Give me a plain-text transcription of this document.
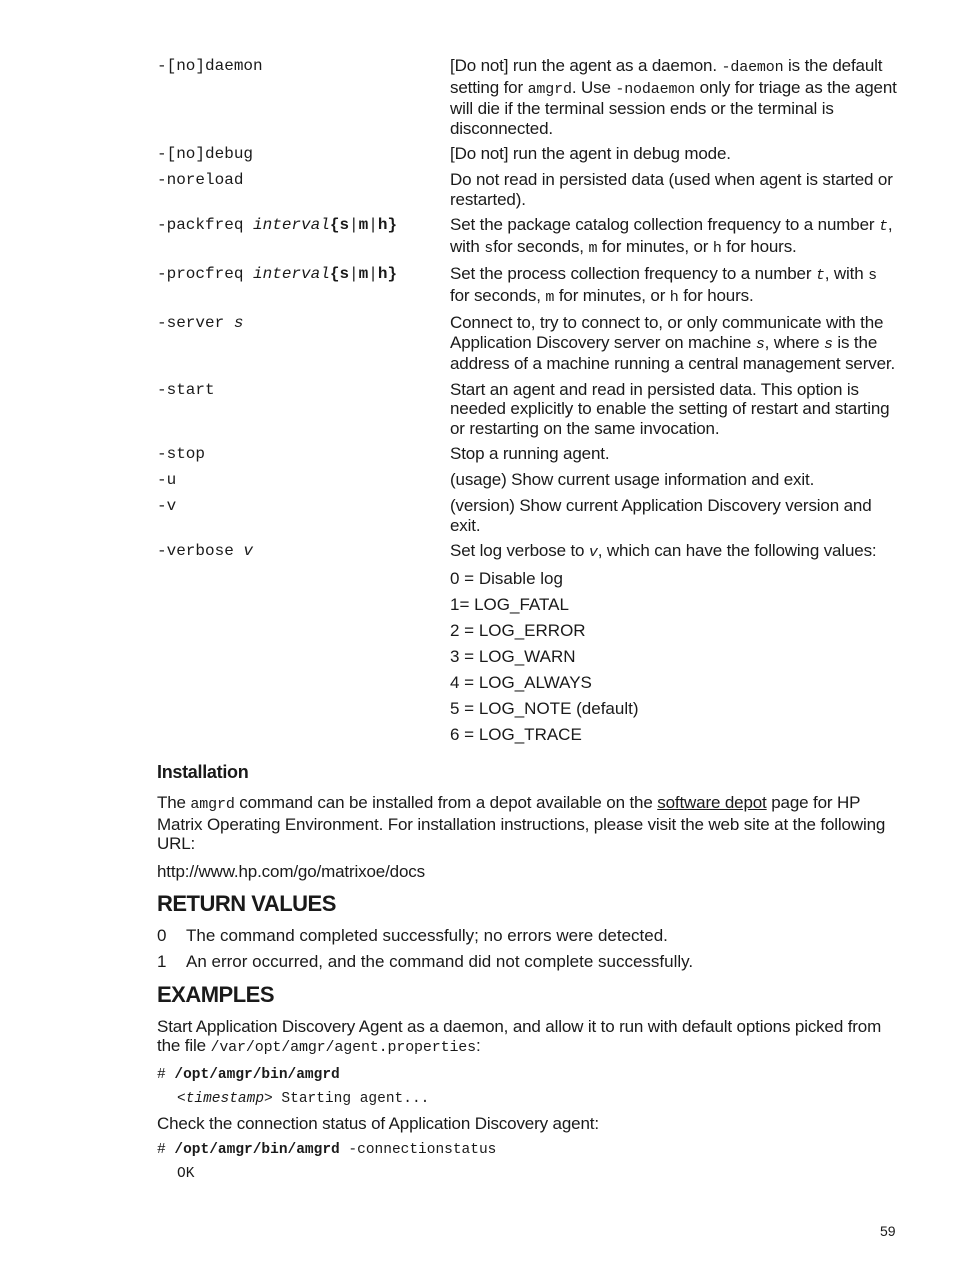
-[no]daemon	[Do not] run the agent as a daemon. -daemon is the default setting for amgrd. Use -nodaemon only for triage as the agent will die if the terminal session ends or the terminal is disconnected.
-[no]debug	[Do not] run the agent in debug mode.
-noreload	Do not read in persisted data (used when agent is started or restarted).
-packfreq interval{s|m|h}	Set the package catalog collection frequency to a number t, with sfor seconds, m for minutes, or h for hours.
-procfreq interval{s|m|h}	Set the process collection frequency to a number t, with s for seconds, m for minutes, or h for hours.
-server s	Connect to, try to connect to, or only communicate with the Application Discovery server on machine s, where s is the address of a machine running a central management server.
-start	Start an agent and read in persisted data. This option is needed explicitly to enable the setting of restart and starting or restarting on the same invocation.
-stop	Stop a running agent.
-u	(usage) Show current usage information and exit.
-v	(version) Show current Application Discovery version and exit.
-verbose v	Set log verbose to v, which can have the following values:
0 = Disable log
1= LOG_FATAL
2 = LOG_ERROR
3 = LOG_WARN
4 = LOG_ALWAYS
5 = LOG_NOTE (default)
6 = LOG_TRACE
Installation

The amgrd command can be installed from a depot available on the software depot page for HP Matrix Operating Environment. For installation instructions, please visit the web site at the following URL:

http://www.hp.com/go/matrixoe/docs

RETURN VALUES
0	The command completed successfully; no errors were detected.
1	An error occurred, and the command did not complete successfully.
EXAMPLES

Start Application Discovery Agent as a daemon, and allow it to run with default options picked from the file /var/opt/amgr/agent.properties:

# /opt/amgr/bin/amgrd
<timestamp> Starting agent...

Check the connection status of Application Discovery agent:

# /opt/amgr/bin/amgrd -connectionstatus
OK
59
